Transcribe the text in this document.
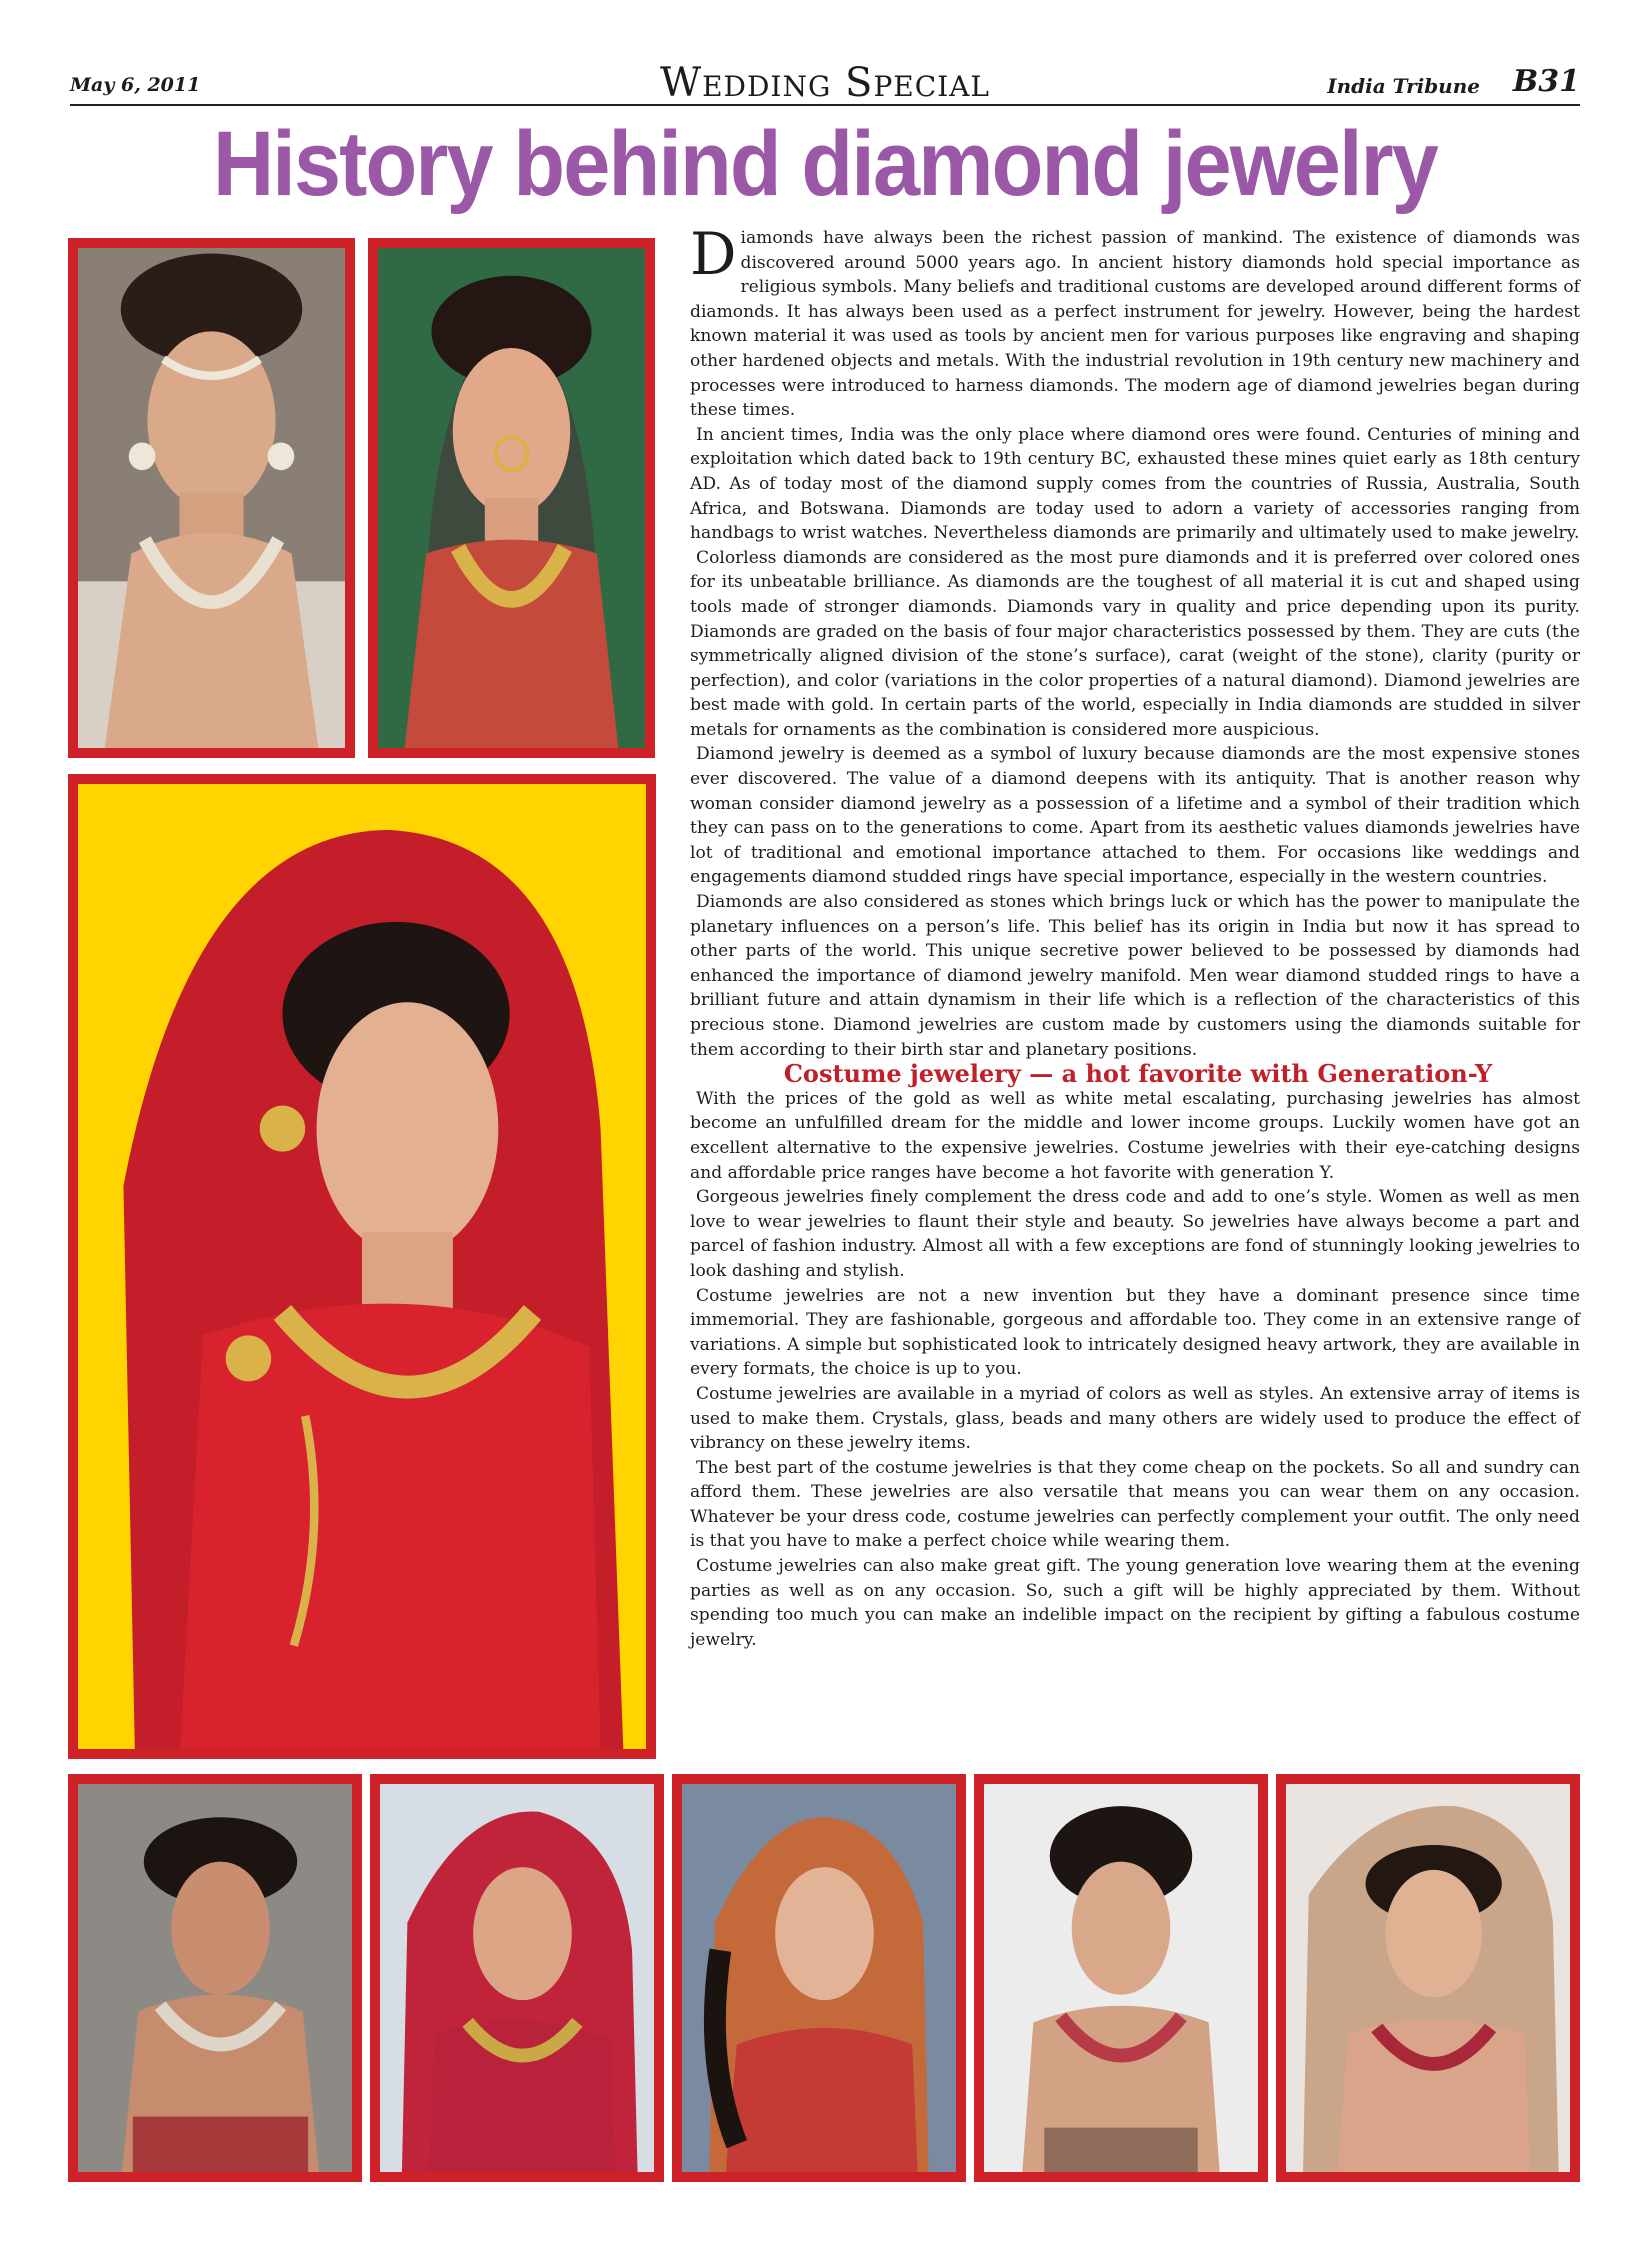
May 6, 2011	Wedding Special	India Tribune B31
History behind diamond jewelry

Diamonds have always been the richest passion of mankind. The existence of diamonds was discovered around 5000 years ago. In ancient history diamonds hold special importance as religious symbols. Many beliefs and traditional customs are developed around different forms of diamonds. It has always been used as a perfect instrument for jewelry. However, being the hardest known material it was used as tools by ancient men for various purposes like engraving and shaping other hardened objects and metals. With the industrial revolution in 19th century new machinery and processes were introduced to harness diamonds. The modern age of diamond jewelries began during these times.

In ancient times, India was the only place where diamond ores were found. Centuries of mining and exploitation which dated back to 19th century BC, exhausted these mines quiet early as 18th century AD. As of today most of the diamond supply comes from the countries of Russia, Australia, South Africa, and Botswana. Diamonds are today used to adorn a variety of accessories ranging from handbags to wrist watches. Nevertheless diamonds are primarily and ultimately used to make jewelry.

Colorless diamonds are considered as the most pure diamonds and it is preferred over colored ones for its unbeatable brilliance. As diamonds are the toughest of all material it is cut and shaped using tools made of stronger diamonds. Diamonds vary in quality and price depending upon its purity. Diamonds are graded on the basis of four major characteristics possessed by them. They are cuts (the symmetrically aligned division of the stone’s surface), carat (weight of the stone), clarity (purity or perfection), and color (variations in the color properties of a natural diamond). Diamond jewelries are best made with gold. In certain parts of the world, especially in India diamonds are studded in silver metals for ornaments as the combination is considered more auspicious.

Diamond jewelry is deemed as a symbol of luxury because diamonds are the most expensive stones ever discovered. The value of a diamond deepens with its antiquity. That is another reason why woman consider diamond jewelry as a possession of a lifetime and a symbol of their tradition which they can pass on to the generations to come. Apart from its aesthetic values diamonds jewelries have lot of traditional and emotional importance attached to them. For occasions like weddings and engagements diamond studded rings have special importance, especially in the western countries.

Diamonds are also considered as stones which brings luck or which has the power to manipulate the planetary influences on a person’s life. This belief has its origin in India but now it has spread to other parts of the world. This unique secretive power believed to be possessed by diamonds had enhanced the importance of diamond jewelry manifold. Men wear diamond studded rings to have a brilliant future and attain dynamism in their life which is a reflection of the characteristics of this precious stone. Diamond jewelries are custom made by customers using the diamonds suitable for them according to their birth star and planetary positions.

Costume jewelery — a hot favorite with Generation-Y

With the prices of the gold as well as white metal escalating, purchasing jewelries has almost become an unfulfilled dream for the middle and lower income groups. Luckily women have got an excellent alternative to the expensive jewelries. Costume jewelries with their eye-catching designs and affordable price ranges have become a hot favorite with generation Y.

Gorgeous jewelries finely complement the dress code and add to one’s style. Women as well as men love to wear jewelries to flaunt their style and beauty. So jewelries have always become a part and parcel of fashion industry. Almost all with a few exceptions are fond of stunningly looking jewelries to look dashing and stylish.

Costume jewelries are not a new invention but they have a dominant presence since time immemorial. They are fashionable, gorgeous and affordable too. They come in an extensive range of variations. A simple but sophisticated look to intricately designed heavy artwork, they are available in every formats, the choice is up to you.

Costume jewelries are available in a myriad of colors as well as styles. An extensive array of items is used to make them. Crystals, glass, beads and many others are widely used to produce the effect of vibrancy on these jewelry items.

The best part of the costume jewelries is that they come cheap on the pockets. So all and sundry can afford them. These jewelries are also versatile that means you can wear them on any occasion. Whatever be your dress code, costume jewelries can perfectly complement your outfit. The only need is that you have to make a perfect choice while wearing them.

Costume jewelries can also make great gift. The young generation love wearing them at the evening parties as well as on any occasion. So, such a gift will be highly appreciated by them. Without spending too much you can make an indelible impact on the recipient by gifting a fabulous costume jewelry.
